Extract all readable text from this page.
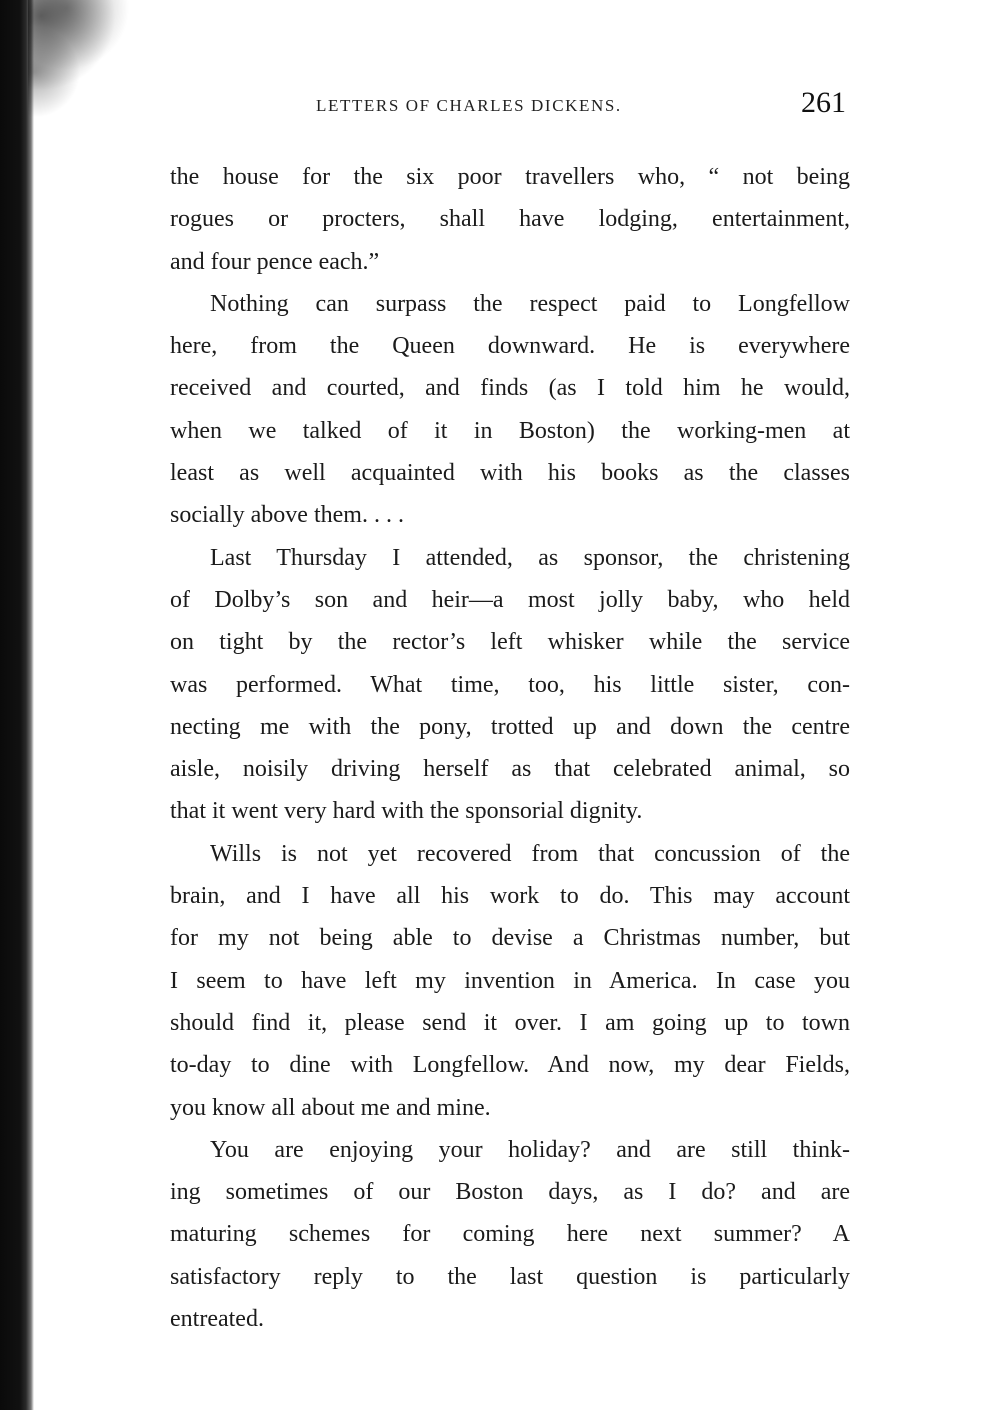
LETTERS OF CHARLES DICKENS.	261
the house for the six poor travellers who, “ not being
rogues or procters, shall have lodging, entertainment,
and four pence each.”
Nothing can surpass the respect paid to Longfellow
here, from the Queen downward. He is everywhere
received and courted, and finds (as I told him he would,
when we talked of it in Boston) the working-men at
least as well acquainted with his books as the classes
socially above them. . . .
Last Thursday I attended, as sponsor, the christening
of Dolby’s son and heir—a most jolly baby, who held
on tight by the rector’s left whisker while the service
was performed. What time, too, his little sister, con-
necting me with the pony, trotted up and down the centre
aisle, noisily driving herself as that celebrated animal, so
that it went very hard with the sponsorial dignity.
Wills is not yet recovered from that concussion of the
brain, and I have all his work to do. This may account
for my not being able to devise a Christmas number, but
I seem to have left my invention in America. In case you
should find it, please send it over. I am going up to town
to-day to dine with Longfellow. And now, my dear Fields,
you know all about me and mine.
You are enjoying your holiday? and are still think-
ing sometimes of our Boston days, as I do? and are
maturing schemes for coming here next summer? A
satisfactory reply to the last question is particularly
entreated.
